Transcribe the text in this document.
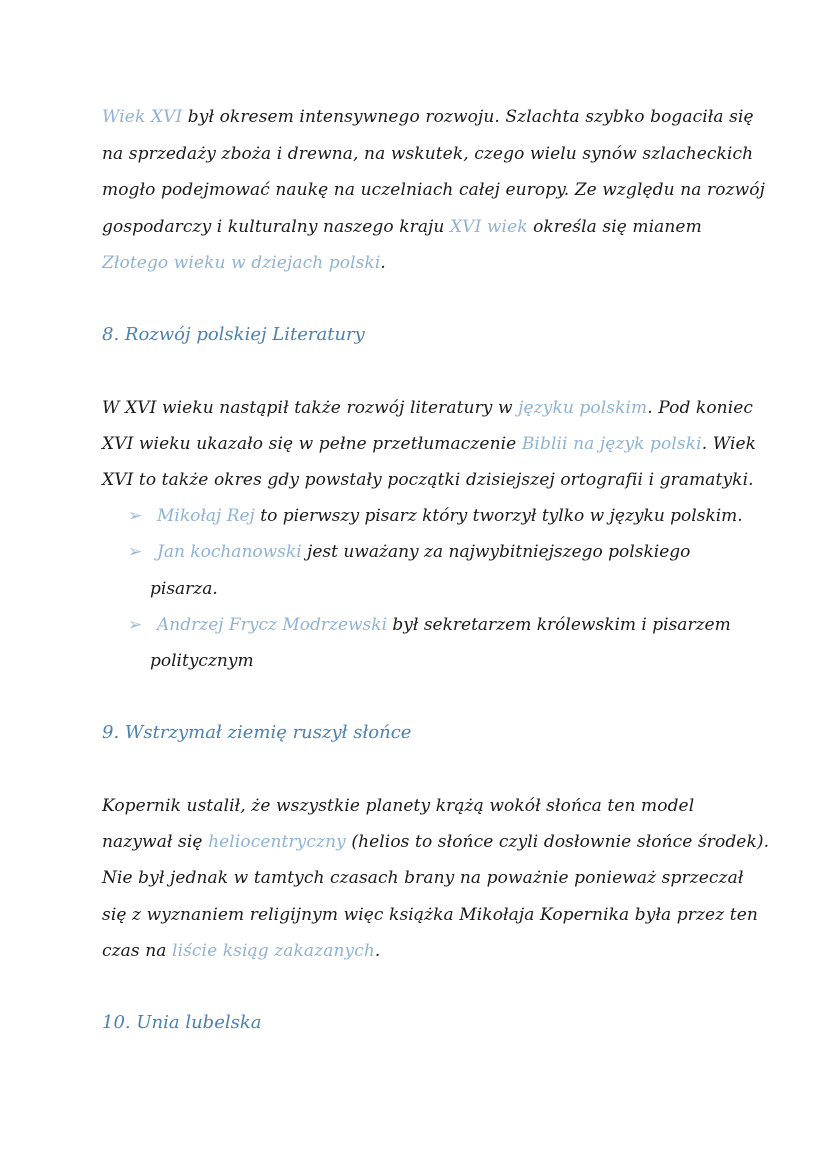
Wiek XVI był okresem intensywnego rozwoju. Szlachta szybko bogaciła się
na sprzedaży zboża i drewna, na wskutek, czego wielu synów szlacheckich
mogło podejmować naukę na uczelniach całej europy. Ze względu na rozwój
gospodarczy i kulturalny naszego kraju XVI wiek określa się mianem
Złotego wieku w dziejach polski.
8. Rozwój polskiej Literatury
W XVI wieku nastąpił także rozwój literatury w języku polskim. Pod koniec
XVI wieku ukazało się w pełne przetłumaczenie Biblii na język polski. Wiek
XVI to także okres gdy powstały początki dzisiejszej ortografii i gramatyki.
➢ Mikołaj Rej to pierwszy pisarz który tworzył tylko w języku polskim.
➢ Jan kochanowski jest uważany za najwybitniejszego polskiego
pisarza.
➢ Andrzej Frycz Modrzewski był sekretarzem królewskim i pisarzem
politycznym
9. Wstrzymał ziemię ruszył słońce
Kopernik ustalił, że wszystkie planety krążą wokół słońca ten model
nazywał się heliocentryczny (helios to słońce czyli dosłownie słońce środek).
Nie był jednak w tamtych czasach brany na poważnie ponieważ sprzeczał
się z wyznaniem religijnym więc książka Mikołaja Kopernika była przez ten
czas na liście ksiąg zakazanych.
10. Unia lubelska
